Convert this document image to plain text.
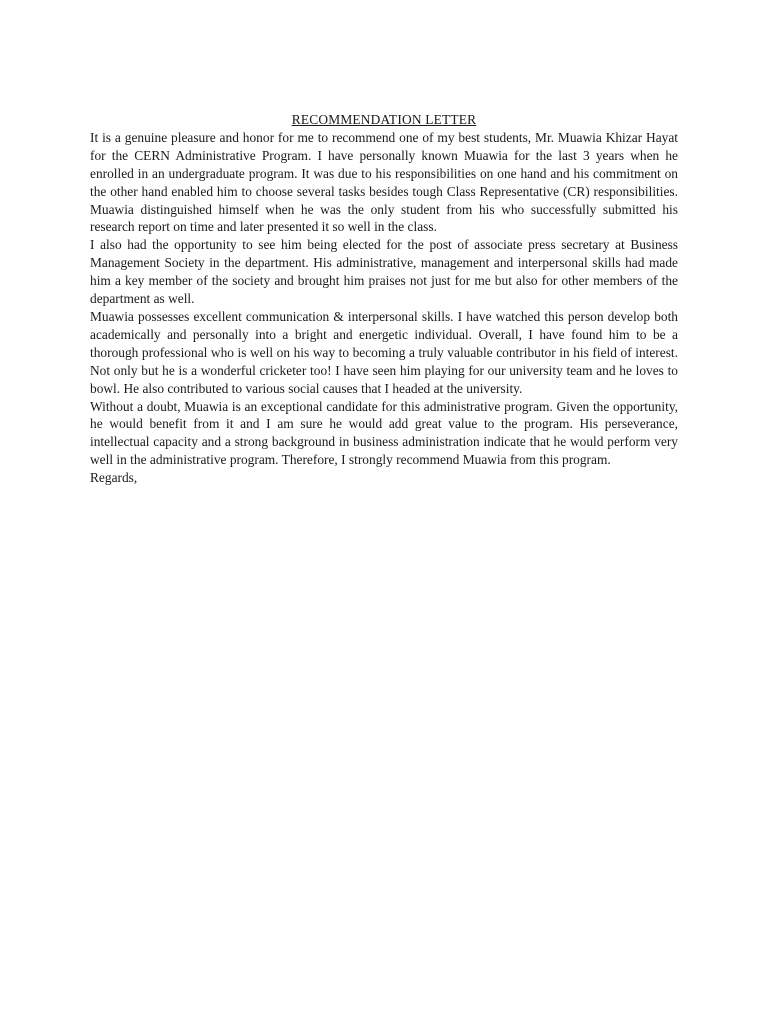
RECOMMENDATION LETTER

It is a genuine pleasure and honor for me to recommend one of my best students, Mr. Muawia Khizar Hayat for the CERN Administrative Program. I have personally known Muawia for the last 3 years when he enrolled in an undergraduate program. It was due to his responsibilities on one hand and his commitment on the other hand enabled him to choose several tasks besides tough Class Representative (CR) responsibilities. Muawia distinguished himself when he was the only student from his who successfully submitted his research report on time and later presented it so well in the class.

I also had the opportunity to see him being elected for the post of associate press secretary at Business Management Society in the department. His administrative, management and interpersonal skills had made him a key member of the society and brought him praises not just for me but also for other members of the department as well.

Muawia possesses excellent communication & interpersonal skills. I have watched this person develop both academically and personally into a bright and energetic individual. Overall, I have found him to be a thorough professional who is well on his way to becoming a truly valuable contributor in his field of interest. Not only but he is a wonderful cricketer too! I have seen him playing for our university team and he loves to bowl. He also contributed to various social causes that I headed at the university.

Without a doubt, Muawia is an exceptional candidate for this administrative program. Given the opportunity, he would benefit from it and I am sure he would add great value to the program. His perseverance, intellectual capacity and a strong background in business administration indicate that he would perform very well in the administrative program. Therefore, I strongly recommend Muawia from this program.

Regards,
